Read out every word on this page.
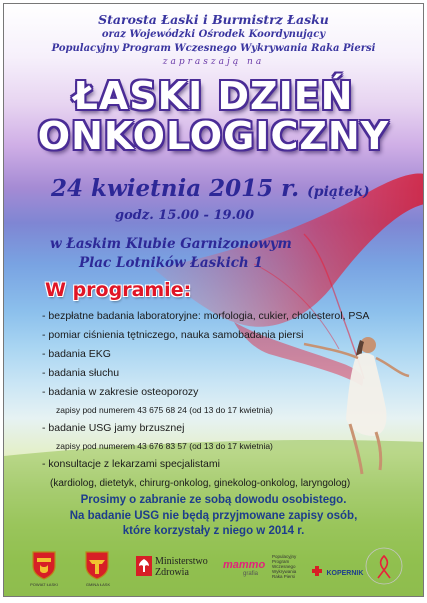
Starosta Łaski i Burmistrz Łasku
oraz Wojewódzki Ośrodek Koordynujący
Populacyjny Program Wczesnego Wykrywania Raka Piersi
zapraszają na
ŁASKI DZIEŃ
ONKOLOGICZNY
24 kwietnia 2015 r. (piątek)
godz. 15.00 - 19.00
w Łaskim Klubie Garnizonowym
Plac Lotników Łaskich 1
W programie:
- bezpłatne badania laboratoryjne: morfologia, cukier, cholesterol, PSA
- pomiar ciśnienia tętniczego, nauka samobadania piersi
- badania EKG
- badania słuchu
- badania w zakresie osteoporozy
zapisy pod numerem 43 675 68 24 (od 13 do 17 kwietnia)
- badanie USG jamy brzusznej
zapisy pod numerem 43 676 83 57 (od 13 do 17 kwietnia)
- konsultacje z lekarzami specjalistami
(kardiolog, dietetyk, chirurg-onkolog, ginekolog-onkolog, laryngolog)
Prosimy o zabranie ze sobą dowodu osobistego.
Na badanie USG nie będą przyjmowane zapisy osób,
które korzystały z niego w 2014 r.
POWIAT ŁASKI	GMINA ŁASK
Ministerstwo
Zdrowia
mammo
grafia
Populacyjny
Program
Wczesnego
Wykrywania
Raka Piersi	KOPERNIK
